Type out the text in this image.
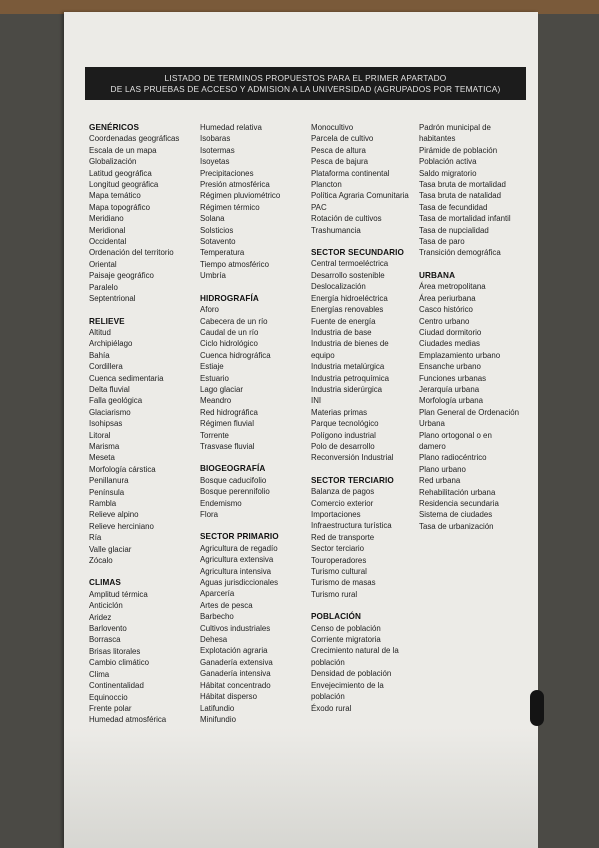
LISTADO DE TERMINOS PROPUESTOS PARA EL PRIMER APARTADO
DE LAS PRUEBAS DE ACCESO Y ADMISION A LA UNIVERSIDAD (AGRUPADOS POR TEMATICA)
GENÉRICOS
Coordenadas geográficas
Escala de un mapa
Globalización
Latitud geográfica
Longitud geográfica
Mapa temático
Mapa topográfico
Meridiano
Meridional
Occidental
Ordenación del territorio
Oriental
Paisaje geográfico
Paralelo
Septentrional
RELIEVE
Altitud
Archipiélago
Bahía
Cordillera
Cuenca sedimentaria
Delta fluvial
Falla geológica
Glaciarismo
Isohipsas
Litoral
Marisma
Meseta
Morfología cárstica
Penillanura
Península
Rambla
Relieve alpino
Relieve herciniano
Ría
Valle glaciar
Zócalo
CLIMAS
Amplitud térmica
Anticiclón
Aridez
Barlovento
Borrasca
Brisas litorales
Cambio climático
Clima
Continentalidad
Equinoccio
Frente polar
Humedad atmosférica
Humedad relativa
Isobaras
Isotermas
Isoyetas
Precipitaciones
Presión atmosférica
Régimen pluviométrico
Régimen térmico
Solana
Solsticios
Sotavento
Temperatura
Tiempo atmosférico
Umbría
HIDROGRAFÍA
Aforo
Cabecera de un río
Caudal de un río
Ciclo hidrológico
Cuenca hidrográfica
Estiaje
Estuario
Lago glaciar
Meandro
Red hidrográfica
Régimen fluvial
Torrente
Trasvase fluvial
BIOGEOGRAFÍA
Bosque caducifolio
Bosque perennifolio
Endemismo
Flora
SECTOR PRIMARIO
Agricultura de regadío
Agricultura extensiva
Agricultura intensiva
Aguas jurisdiccionales
Aparcería
Artes de pesca
Barbecho
Cultivos industriales
Dehesa
Explotación agraria
Ganadería extensiva
Ganadería intensiva
Hábitat concentrado
Hábitat disperso
Latifundio
Minifundio
Monocultivo
Parcela de cultivo
Pesca de altura
Pesca de bajura
Plataforma continental
Plancton
Política Agraria Comunitaria
PAC
Rotación de cultivos
Trashumancia
SECTOR SECUNDARIO
Central termoeléctrica
Desarrollo sostenible
Deslocalización
Energía hidroeléctrica
Energías renovables
Fuente de energía
Industria de base
Industria de bienes de
equipo
Industria metalúrgica
Industria petroquímica
Industria siderúrgica
INI
Materias primas
Parque tecnológico
Polígono industrial
Polo de desarrollo
Reconversión Industrial
SECTOR TERCIARIO
Balanza de pagos
Comercio exterior
Importaciones
Infraestructura turística
Red de transporte
Sector terciario
Touroperadores
Turismo cultural
Turismo de masas
Turismo rural
POBLACIÓN
Censo de población
Corriente migratoria
Crecimiento natural de la
población
Densidad de población
Envejecimiento de la
población
Éxodo rural
Padrón municipal de
habitantes
Pirámide de población
Población activa
Saldo migratorio
Tasa bruta de mortalidad
Tasa bruta de natalidad
Tasa de fecundidad
Tasa de mortalidad infantil
Tasa de nupcialidad
Tasa de paro
Transición demográfica
URBANA
Área metropolitana
Área periurbana
Casco histórico
Centro urbano
Ciudad dormitorio
Ciudades medias
Emplazamiento urbano
Ensanche urbano
Funciones urbanas
Jerarquía urbana
Morfología urbana
Plan General de Ordenación
Urbana
Plano ortogonal o en
damero
Plano radiocéntrico
Plano urbano
Red urbana
Rehabilitación urbana
Residencia secundaria
Sistema de ciudades
Tasa de urbanización
